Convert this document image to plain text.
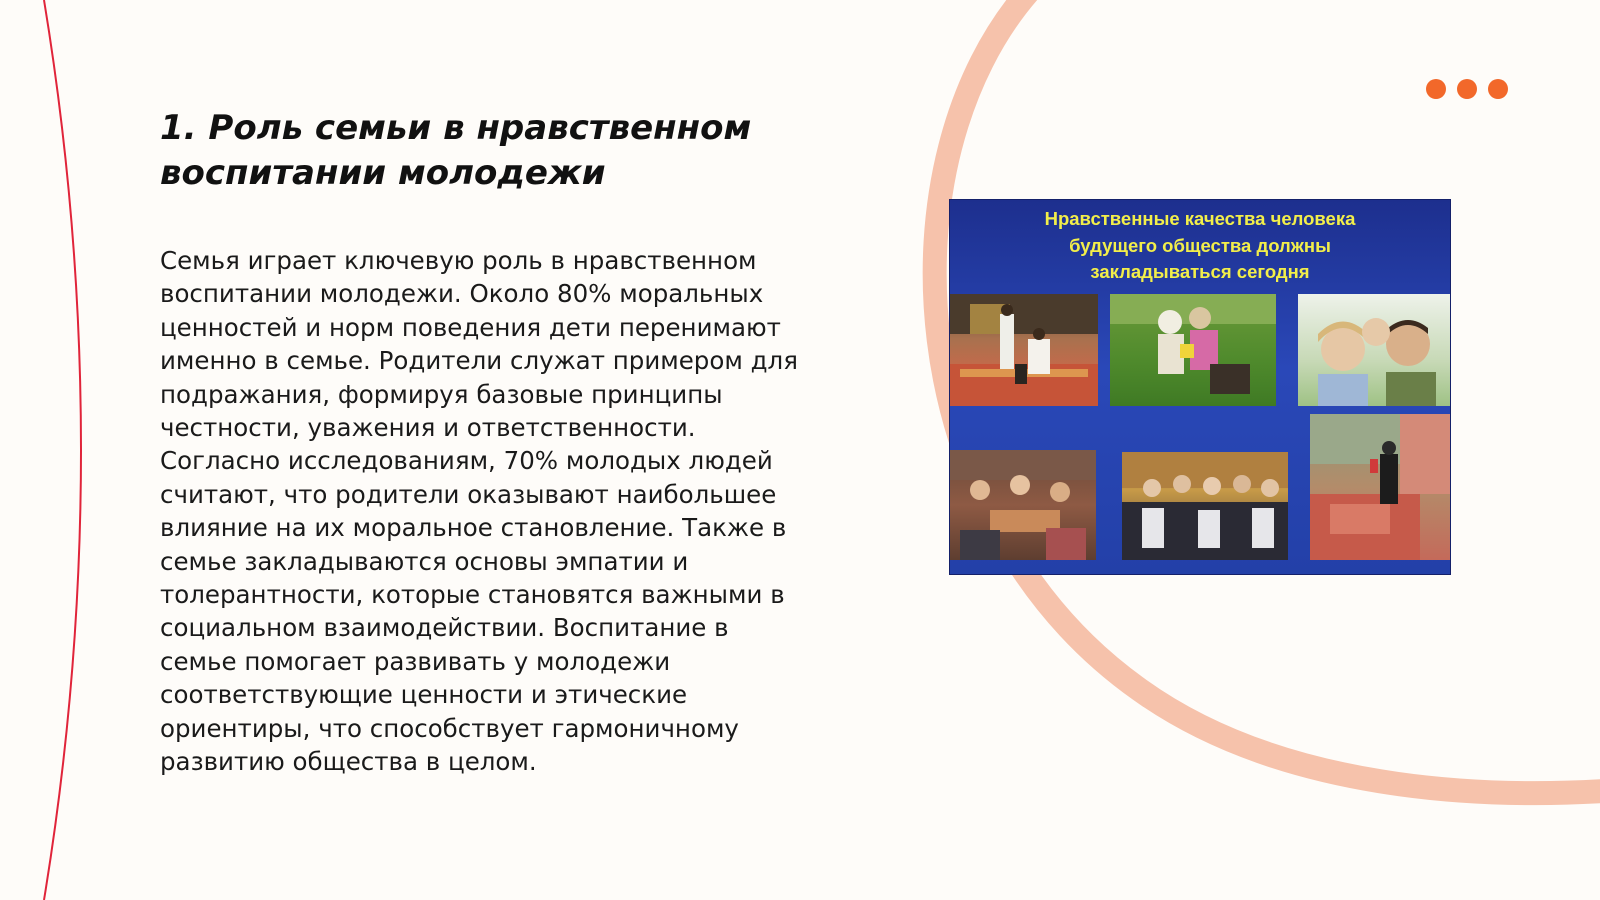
1. Роль семьи в нравственном
воспитании молодежи
Семья играет ключевую роль в нравственном
воспитании молодежи. Около 80% моральных
ценностей и норм поведения дети перенимают
именно в семье. Родители служат примером для
подражания, формируя базовые принципы
честности, уважения и ответственности.
Согласно исследованиям, 70% молодых людей
считают, что родители оказывают наибольшее
влияние на их моральное становление. Также в
семье закладываются основы эмпатии и
толерантности, которые становятся важными в
социальном взаимодействии. Воспитание в
семье помогает развивать у молодежи
соответствующие ценности и этические
ориентиры, что способствует гармоничному
развитию общества в целом.
Нравственные качества человека
будущего общества должны
закладываться сегодня
